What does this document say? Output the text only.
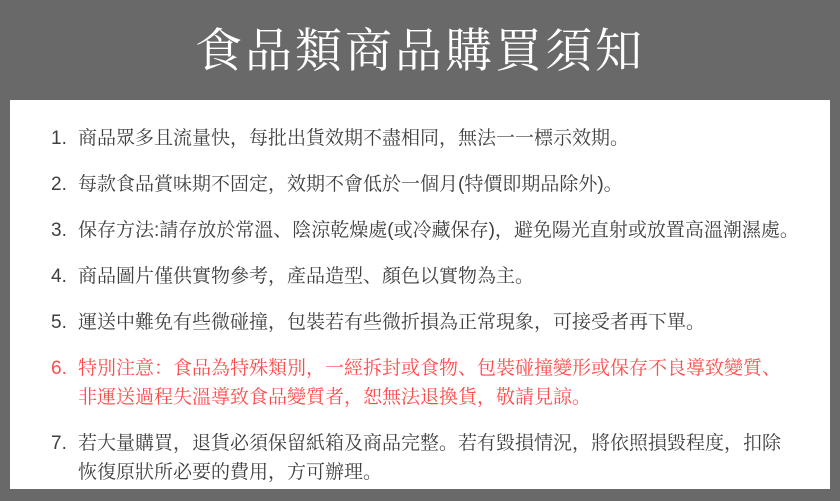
食品類商品購買須知
1. 商品眾多且流量快，每批出貨效期不盡相同，無法一一標示效期。
2. 每款食品賞味期不固定，效期不會低於一個月(特價即期品除外)。
3. 保存方法:請存放於常溫、陰涼乾燥處(或冷藏保存)，避免陽光直射或放置高溫潮濕處。
4. 商品圖片僅供實物參考，產品造型、顏色以實物為主。
5. 運送中難免有些微碰撞，包裝若有些微折損為正常現象，可接受者再下單。
6. 特別注意：食品為特殊類別，一經拆封或食物、包裝碰撞變形或保存不良導致變質、
非運送過程失溫導致食品變質者，恕無法退換貨，敬請見諒。
7. 若大量購買，退貨必須保留紙箱及商品完整。若有毀損情況，將依照損毀程度，扣除
恢復原狀所必要的費用，方可辦理。
